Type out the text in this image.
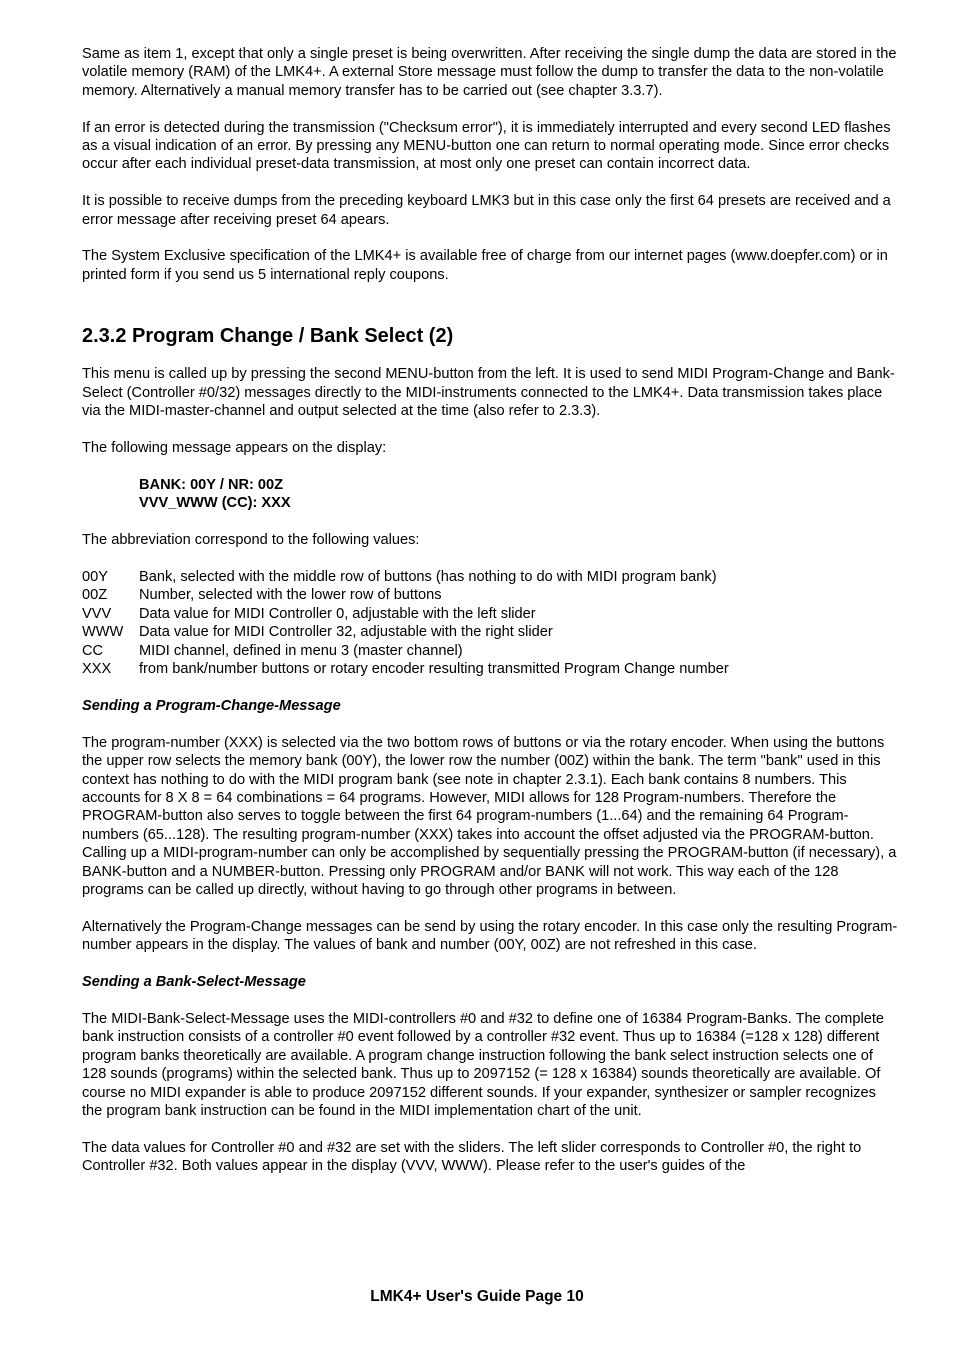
Same as item 1, except that only a single preset is being overwritten. After receiving the single dump the data are stored in the volatile memory (RAM) of the LMK4+. A external Store message must follow the dump to transfer the data to the non-volatile memory. Alternatively a manual memory transfer has to be carried out (see chapter 3.3.7).

If an error is detected during the transmission ("Checksum error"), it is immediately interrupted and every second LED flashes as a visual indication of an error. By pressing any MENU-button one can return to normal operating mode. Since error checks occur after each individual preset-data transmission, at most only one preset can contain incorrect data.

It is possible to receive dumps from the preceding keyboard LMK3 but in this case only the first 64 presets are received and a error message after receiving preset 64 apears.

The System Exclusive specification of the LMK4+ is available free of charge from our internet pages (www.doepfer.com) or in printed form if you send us 5 international reply coupons.

2.3.2 Program Change / Bank Select (2)

This menu is called up by pressing the second MENU-button from the left. It is used to send MIDI Program-Change and Bank-Select (Controller #0/32) messages directly to the MIDI-instruments connected to the LMK4+. Data transmission takes place via the MIDI-master-channel and output selected at the time (also refer to 2.3.3).

The following message appears on the display:

BANK: 00Y / NR: 00Z
VVV_WWW (CC): XXX

The abbreviation correspond to the following values:

00Y	Bank, selected with the middle row of buttons (has nothing to do with MIDI program bank)
00Z	Number, selected with the lower row of buttons
VVV	Data value for MIDI Controller 0, adjustable with the left slider
WWW	Data value for MIDI Controller 32, adjustable with the right slider
CC	MIDI channel, defined in menu 3 (master channel)
XXX	from bank/number buttons or rotary encoder resulting transmitted Program Change number
Sending a Program-Change-Message

The program-number (XXX) is selected via the two bottom rows of buttons or via the rotary encoder. When using the buttons the upper row selects the memory bank (00Y), the lower row the number (00Z) within the bank. The term "bank" used in this context has nothing to do with the MIDI program bank (see note in chapter 2.3.1). Each bank contains 8 numbers. This accounts for 8 X 8 = 64 combinations = 64 programs. However, MIDI allows for 128 Program-numbers. Therefore the PROGRAM-button also serves to toggle between the first 64 program-numbers (1...64) and the remaining 64 Program-numbers (65...128). The resulting program-number (XXX) takes into account the offset adjusted via the PROGRAM-button.

Calling up a MIDI-program-number can only be accomplished by sequentially pressing the PROGRAM-button (if necessary), a BANK-button and a NUMBER-button. Pressing only PROGRAM and/or BANK will not work. This way each of the 128 programs can be called up directly, without having to go through other programs in between.

Alternatively the Program-Change messages can be send by using the rotary encoder. In this case only the resulting Program-number appears in the display. The values of bank and number (00Y, 00Z) are not refreshed in this case.

Sending a Bank-Select-Message

The MIDI-Bank-Select-Message uses the MIDI-controllers #0 and #32 to define one of 16384 Program-Banks. The complete bank instruction consists of a controller #0 event followed by a controller #32 event. Thus up to 16384 (=128 x 128) different program banks theoretically are available. A program change instruction following the bank select instruction selects one of 128 sounds (programs) within the selected bank. Thus up to 2097152 (= 128 x 16384) sounds theoretically are available. Of course no MIDI expander is able to produce 2097152 different sounds. If your expander, synthesizer or sampler recognizes the program bank instruction can be found in the MIDI implementation chart of the unit.

The data values for Controller #0 and #32 are set with the sliders. The left slider corresponds to Controller #0, the right to Controller #32. Both values appear in the display (VVV, WWW). Please refer to the user's guides of the

LMK4+ User's Guide Page 10
